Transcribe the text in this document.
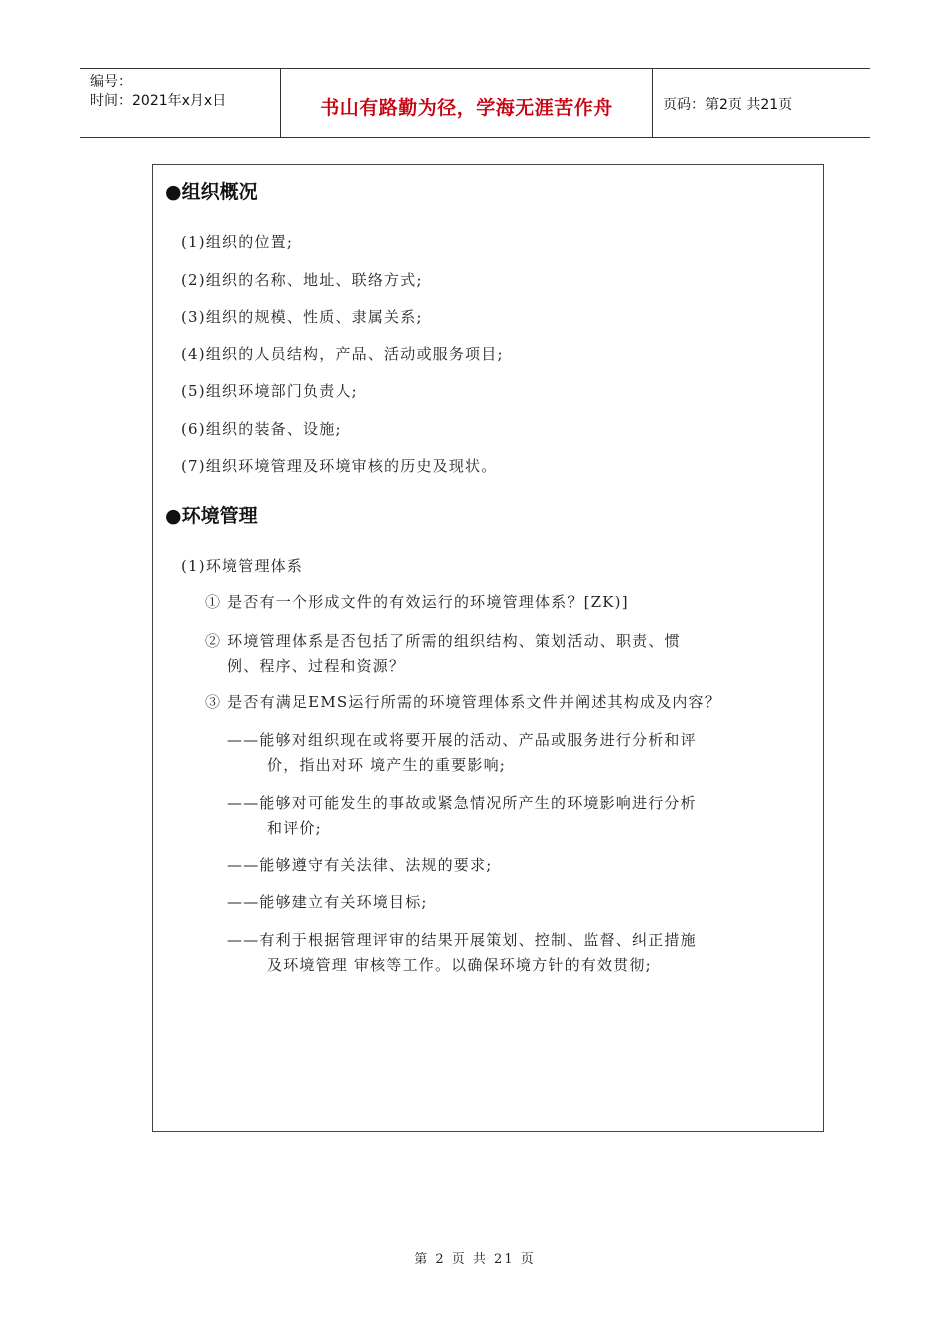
编号：
时间：2021年x月x日	书山有路勤为径，学海无涯苦作舟	页码：第2页 共21页
●组织概况
(1)组织的位置;
(2)组织的名称、地址、联络方式;
(3)组织的规模、性质、隶属关系;
(4)组织的人员结构，产品、活动或服务项目;
(5)组织环境部门负责人;
(6)组织的装备、设施;
(7)组织环境管理及环境审核的历史及现状。
●环境管理
(1)环境管理体系
① 是否有一个形成文件的有效运行的环境管理体系？[ZK)]
② 环境管理体系是否包括了所需的组织结构、策划活动、职责、惯
例、程序、过程和资源？
③ 是否有满足EMS运行所需的环境管理体系文件并阐述其构成及内容？
——能够对组织现在或将要开展的活动、产品或服务进行分析和评
价，指出对环 境产生的重要影响;
——能够对可能发生的事故或紧急情况所产生的环境影响进行分析
和评价;
——能够遵守有关法律、法规的要求;
——能够建立有关环境目标;
——有利于根据管理评审的结果开展策划、控制、监督、纠正措施
及环境管理 审核等工作。以确保环境方针的有效贯彻;
第 2 页 共 21 页
